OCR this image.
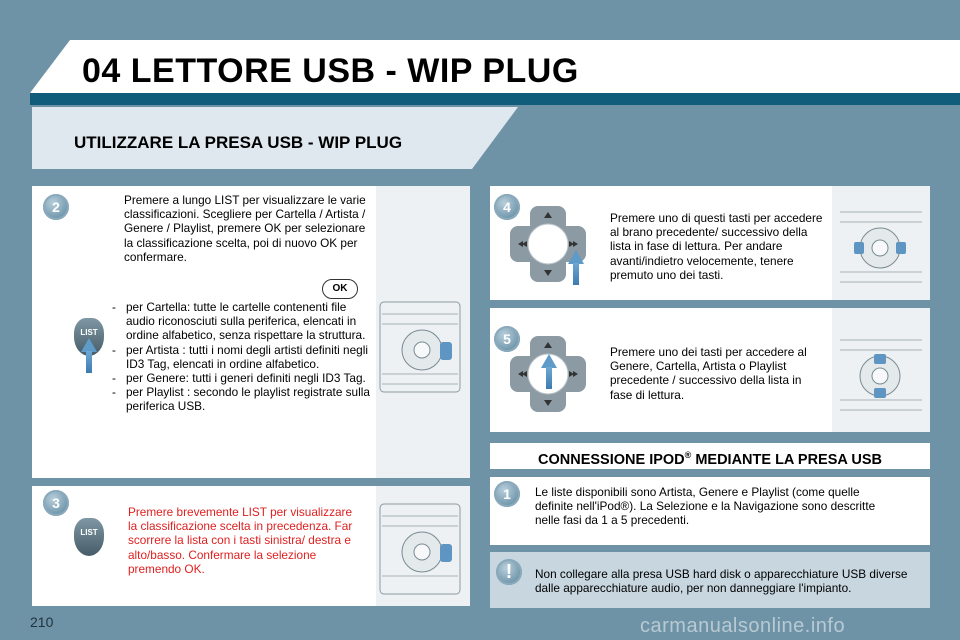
04 LETTORE USB - WIP PLUG
UTILIZZARE LA PRESA USB - WIP PLUG
2	Premere a lungo LIST per visualizzare le varie classificazioni. Scegliere per Cartella / Artista / Genere / Playlist, premere OK per selezionare la classificazione scelta, poi di nuovo OK per confermare.
OK
- per Cartella: tutte le cartelle contenenti file audio riconosciuti sulla periferica, elencati in ordine alfabetico, senza rispettare la struttura.
- per Artista : tutti i nomi degli artisti definiti negli ID3 Tag, elencati in ordine alfabetico.
- per Genere: tutti i generi definiti negli ID3 Tag.
- per Playlist : secondo le playlist registrate sulla periferica USB.
LIST
3
Premere brevemente LIST per visualizzare la classificazione scelta in precedenza. Far scorrere la lista con i tasti sinistra/ destra e alto/basso. Confermare la selezione premendo OK.
LIST
4
Premere uno di questi tasti per accedere al brano precedente/ successivo della lista in fase di lettura. Per andare avanti/indietro velocemente, tenere premuto uno dei tasti.
5
Premere uno dei tasti per accedere al Genere, Cartella, Artista o Playlist precedente / successivo della lista in fase di lettura.
CONNESSIONE IPOD® MEDIANTE LA PRESA USB
1	Le liste disponibili sono Artista, Genere e Playlist (come quelle definite nell'iPod®). La Selezione e la Navigazione sono descritte nelle fasi da 1 a 5 precedenti.
!	Non collegare alla presa USB hard disk o apparecchiature USB diverse dalle apparecchiature audio, per non danneggiare l'impianto.
210	carmanualsonline.info
